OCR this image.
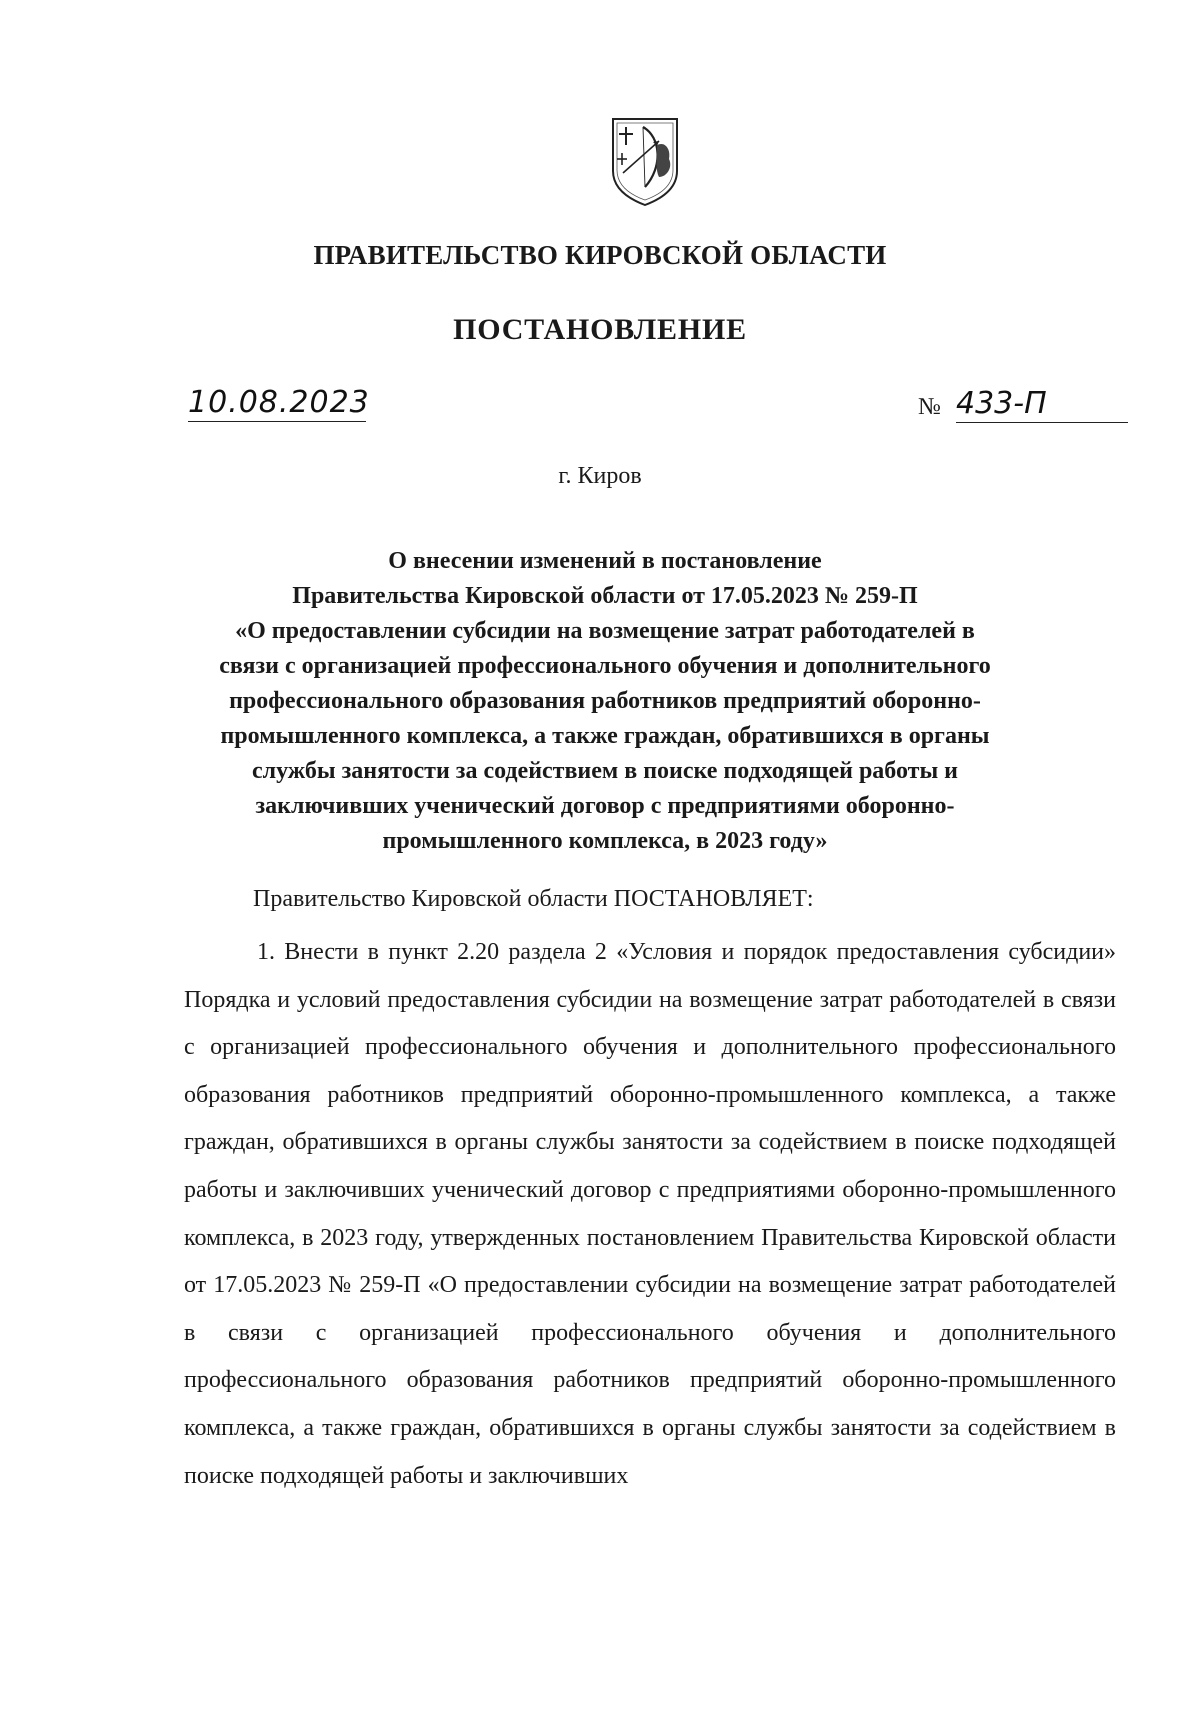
ПРАВИТЕЛЬСТВО КИРОВСКОЙ ОБЛАСТИ
ПОСТАНОВЛЕНИЕ
10.08.2023	№ 433-П
г. Киров
О внесении изменений в постановление
Правительства Кировской области от 17.05.2023 № 259-П
«О предоставлении субсидии на возмещение затрат работодателей в
связи с организацией профессионального обучения и дополнительного
профессионального образования работников предприятий оборонно-
промышленного комплекса, а также граждан, обратившихся в органы
службы занятости за содействием в поиске подходящей работы и
заключивших ученический договор с предприятиями оборонно-
промышленного комплекса, в 2023 году»
Правительство Кировской области ПОСТАНОВЛЯЕТ:
1. Внести в пункт 2.20 раздела 2 «Условия и порядок предоставления субсидии» Порядка и условий предоставления субсидии на возмещение затрат работодателей в связи с организацией профессионального обучения и дополнительного профессионального образования работников предприятий оборонно-промышленного комплекса, а также граждан, обратившихся в органы службы занятости за содействием в поиске подходящей работы и заключивших ученический договор с предприятиями оборонно-промышленного комплекса, в 2023 году, утвержденных постановлением Правительства Кировской области от 17.05.2023 № 259-П «О предоставлении субсидии на возмещение затрат работодателей в связи с организацией профессионального обучения и дополнительного профессионального образования работников предприятий оборонно-промышленного комплекса, а также граждан, обратившихся в органы службы занятости за содействием в поиске подходящей работы и заключивших
